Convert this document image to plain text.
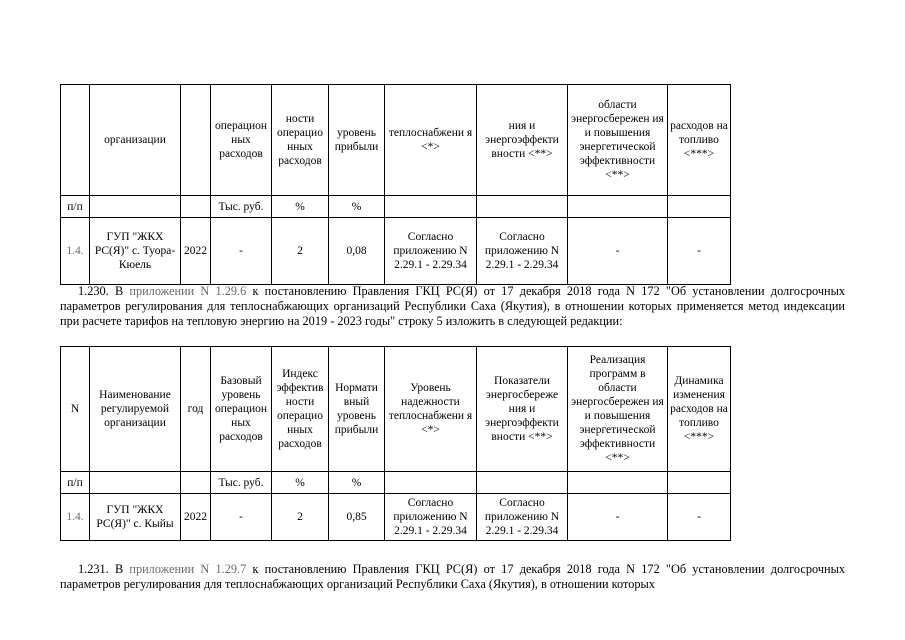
	организации		операцион ных расходов	ности операцио нных расходов	уровень прибыли	теплоснабжени я <*>	ния и энергоэффекти вности <**>	области энергосбережен ия и повышения энергетической эффективности <**>	расходов на топливо <***>
п/п			Тыс. руб.	%	%				
1.4.	ГУП "ЖКХ РС(Я)" с. Туора-Кюель	2022	-	2	0,08	Согласно приложению N 2.29.1 - 2.29.34	Согласно приложению N 2.29.1 - 2.29.34	-	-
1.230. В приложении N 1.29.6 к постановлению Правления ГКЦ РС(Я) от 17 декабря 2018 года N 172 "Об установлении долгосрочных параметров регулирования для теплоснабжающих организаций Республики Саха (Якутия), в отношении которых применяется метод индексации при расчете тарифов на тепловую энергию на 2019 - 2023 годы" строку 5 изложить в следующей редакции:
N	Наименование регулируемой организации	год	Базовый уровень операцион ных расходов	Индекс эффектив ности операцио нных расходов	Нормати вный уровень прибыли	Уровень надежности теплоснабжени я <*>	Показатели энергосбереже ния и энергоэффекти вности <**>	Реализация программ в области энергосбережен ия и повышения энергетической эффективности <**>	Динамика изменения расходов на топливо <***>
п/п			Тыс. руб.	%	%				
1.4.	ГУП "ЖКХ РС(Я)" с. Кыйы	2022	-	2	0,85	Согласно приложению N 2.29.1 - 2.29.34	Согласно приложению N 2.29.1 - 2.29.34	-	-
1.231. В приложении N 1.29.7 к постановлению Правления ГКЦ РС(Я) от 17 декабря 2018 года N 172 "Об установлении долгосрочных параметров регулирования для теплоснабжающих организаций Республики Саха (Якутия), в отношении которых
